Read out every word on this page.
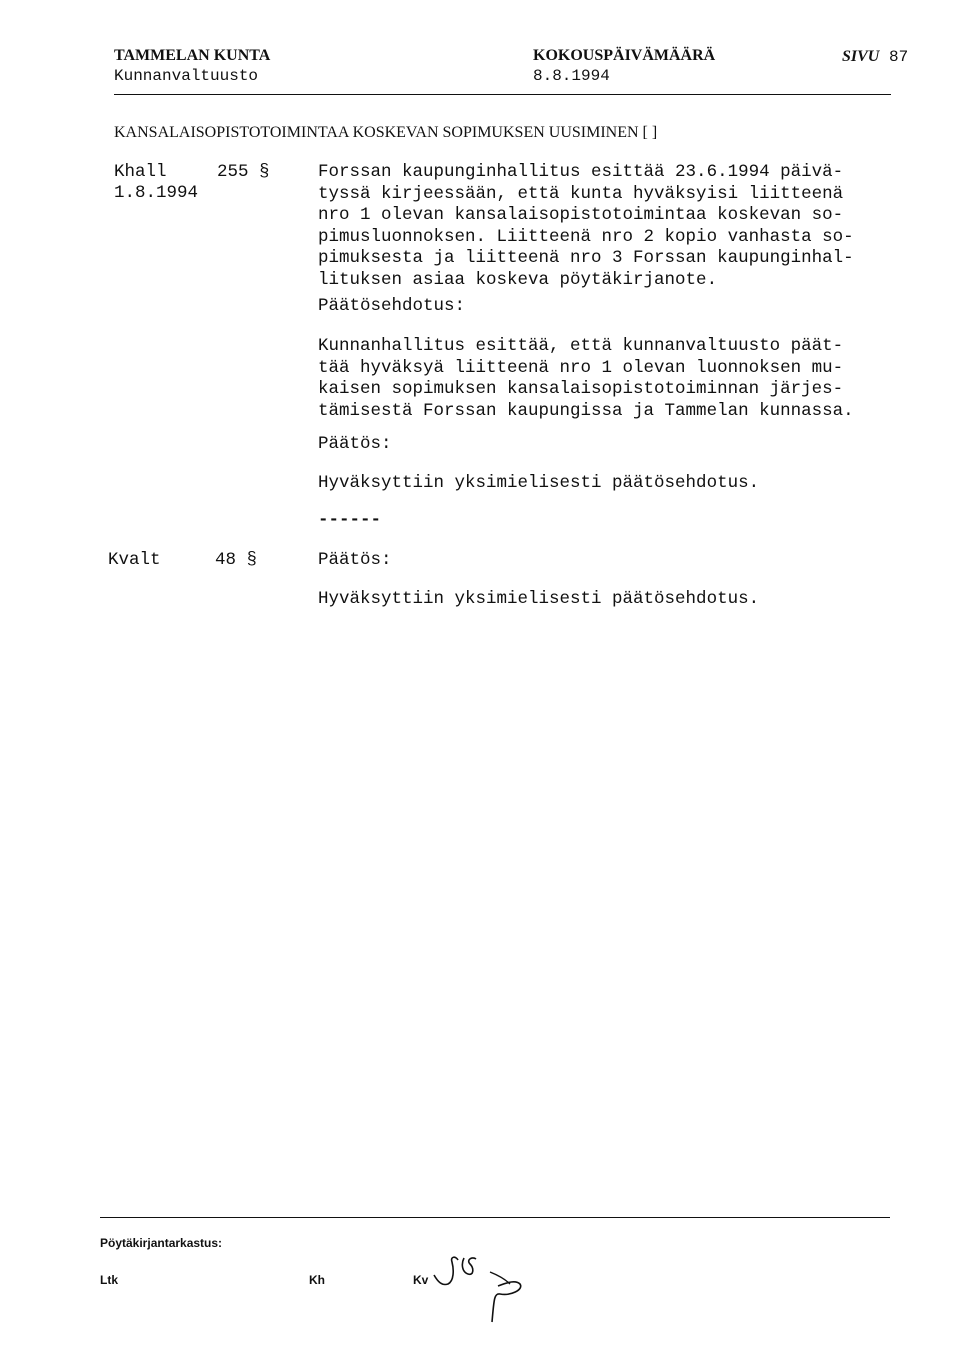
TAMMELAN KUNTA
Kunnanvaltuusto
KOKOUSPÄIVÄMÄÄRÄ
8.8.1994
SIVU 87
KANSALAISOPISTOTOIMINTAA KOSKEVAN SOPIMUKSEN UUSIMINEN [ ]
Khall	255 §
1.8.1994
Forssan kaupunginhallitus esittää 23.6.1994 päivä-
tyssä kirjeessään, että kunta hyväksyisi liitteenä
nro 1 olevan kansalaisopistotoimintaa koskevan so-
pimusluonnoksen. Liitteenä nro 2 kopio vanhasta so-
pimuksesta ja liitteenä nro 3 Forssan kaupunginhal-
lituksen asiaa koskeva pöytäkirjanote.
Päätösehdotus:
Kunnanhallitus esittää, että kunnanvaltuusto päät-
tää hyväksyä liitteenä nro 1 olevan luonnoksen mu-
kaisen sopimuksen kansalaisopistotoiminnan järjes-
tämisestä Forssan kaupungissa ja Tammelan kunnassa.
Päätös:
Hyväksyttiin yksimielisesti päätösehdotus.
------
Kvalt	48 §	Päätös:
Hyväksyttiin yksimielisesti päätösehdotus.
Pöytäkirjantarkastus:
Ltk	Kh	Kv
